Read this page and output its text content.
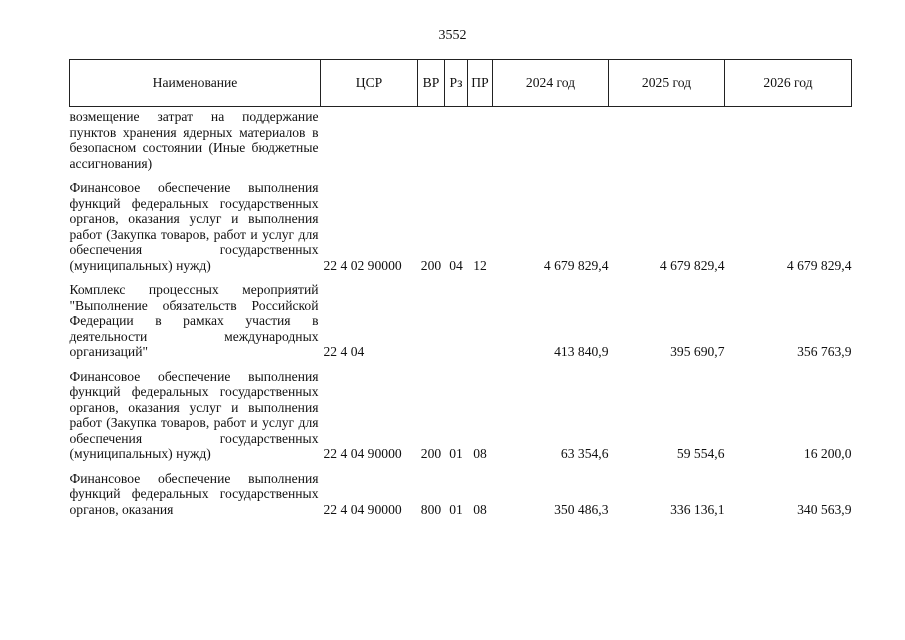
3552
Наименование	ЦСР	ВР	Рз	ПР	2024 год	2025 год	2026 год
возмещение затрат на поддержание пунктов хранения ядерных материалов в безопасном состоянии (Иные бюджетные ассигнования)							
Финансовое обеспечение выполнения функций федеральных государственных органов, оказания услуг и выполнения работ (Закупка товаров, работ и услуг для обеспечения государственных (муниципальных) нужд)	22 4 02 90000	200	04	12	4 679 829,4	4 679 829,4	4 679 829,4
Комплекс процессных мероприятий "Выполнение обязательств Российской Федерации в рамках участия в деятельности международных организаций"	22 4 04				413 840,9	395 690,7	356 763,9
Финансовое обеспечение выполнения функций федеральных государственных органов, оказания услуг и выполнения работ (Закупка товаров, работ и услуг для обеспечения государственных (муниципальных) нужд)	22 4 04 90000	200	01	08	63 354,6	59 554,6	16 200,0
Финансовое обеспечение выполнения функций федеральных государственных органов, оказания	22 4 04 90000	800	01	08	350 486,3	336 136,1	340 563,9
